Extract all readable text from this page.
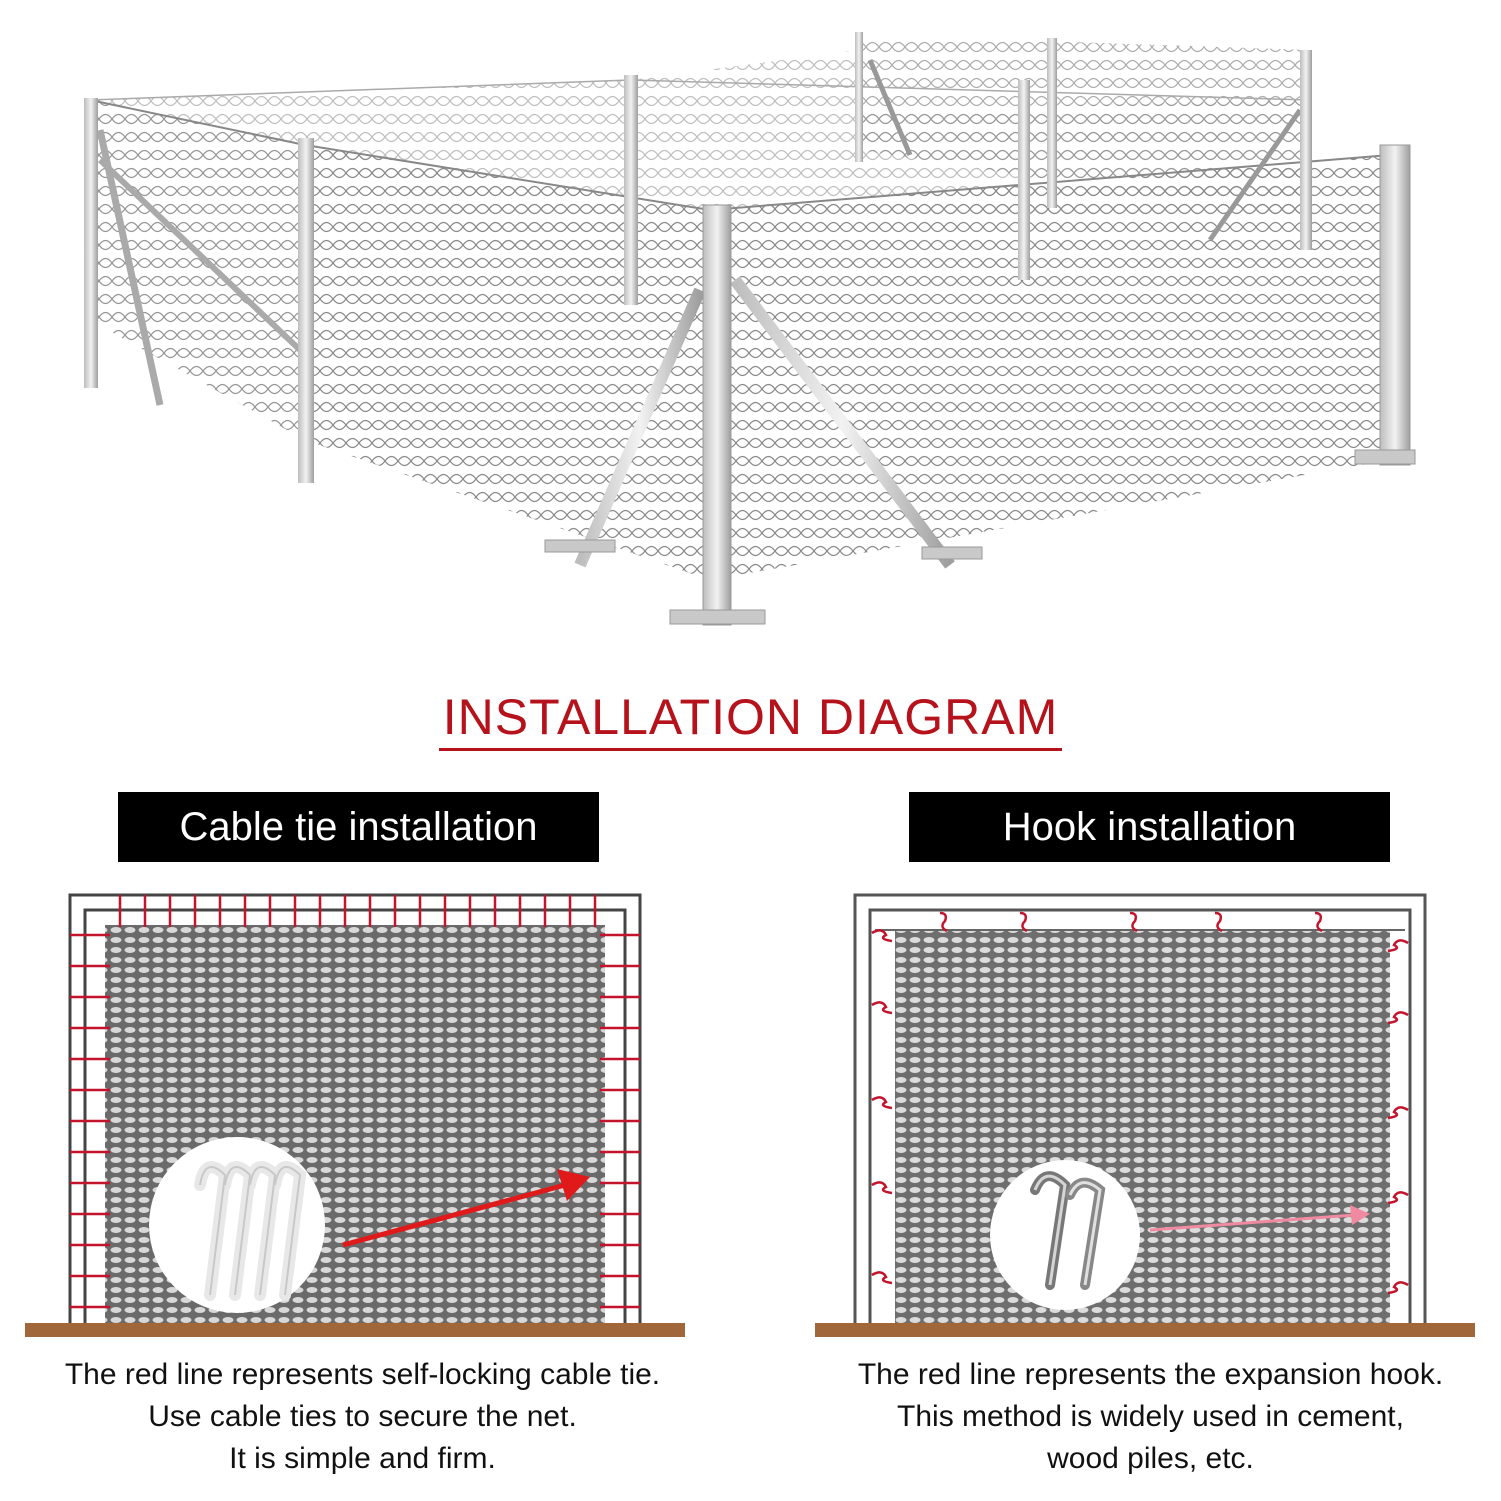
INSTALLATION DIAGRAM
Cable tie installation	Hook installation
The red line represents self-locking cable tie.
Use cable ties to secure the net.
It is simple and firm.
The red line represents the expansion hook.
This method is widely used in cement,
wood piles, etc.
